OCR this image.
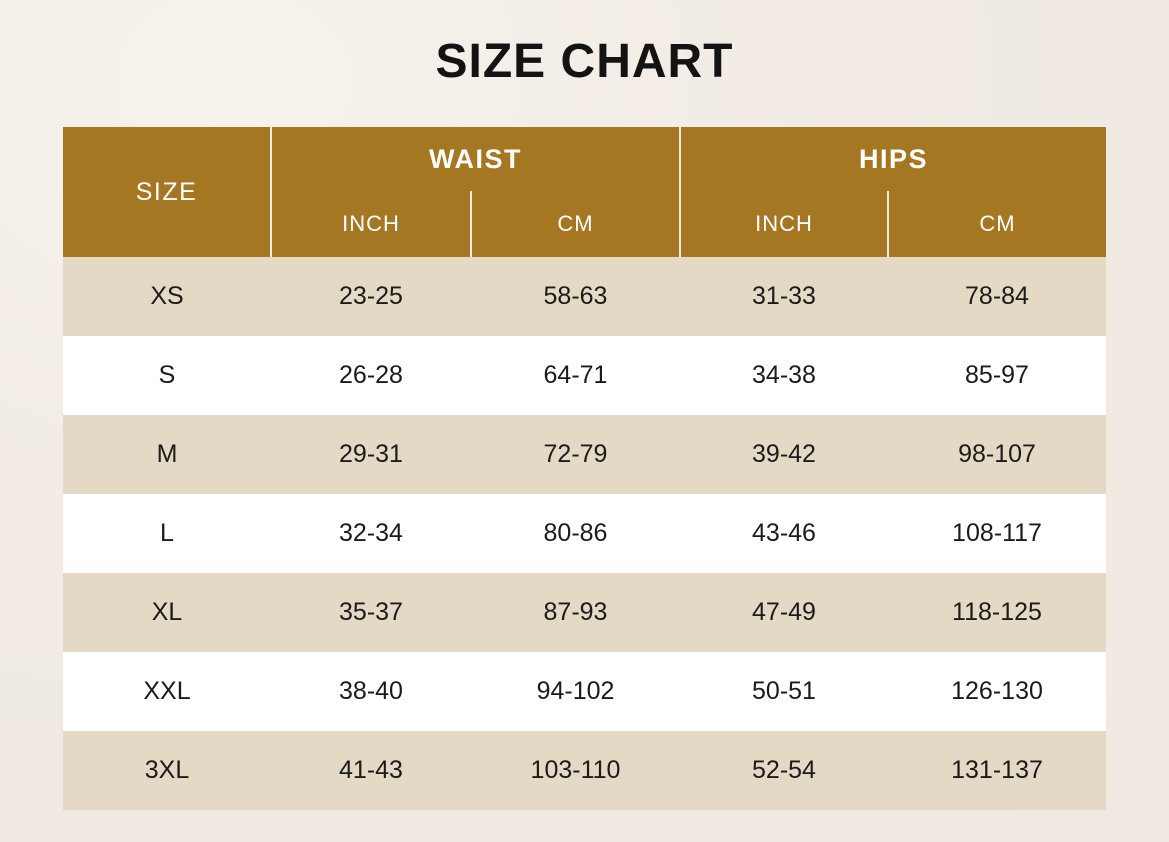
SIZE CHART
SIZE	WAIST		HIPS	
	INCH	CM	INCH	CM
XS	23-25	58-63	31-33	78-84
S	26-28	64-71	34-38	85-97
M	29-31	72-79	39-42	98-107
L	32-34	80-86	43-46	108-117
XL	35-37	87-93	47-49	118-125
XXL	38-40	94-102	50-51	126-130
3XL	41-43	103-110	52-54	131-137
